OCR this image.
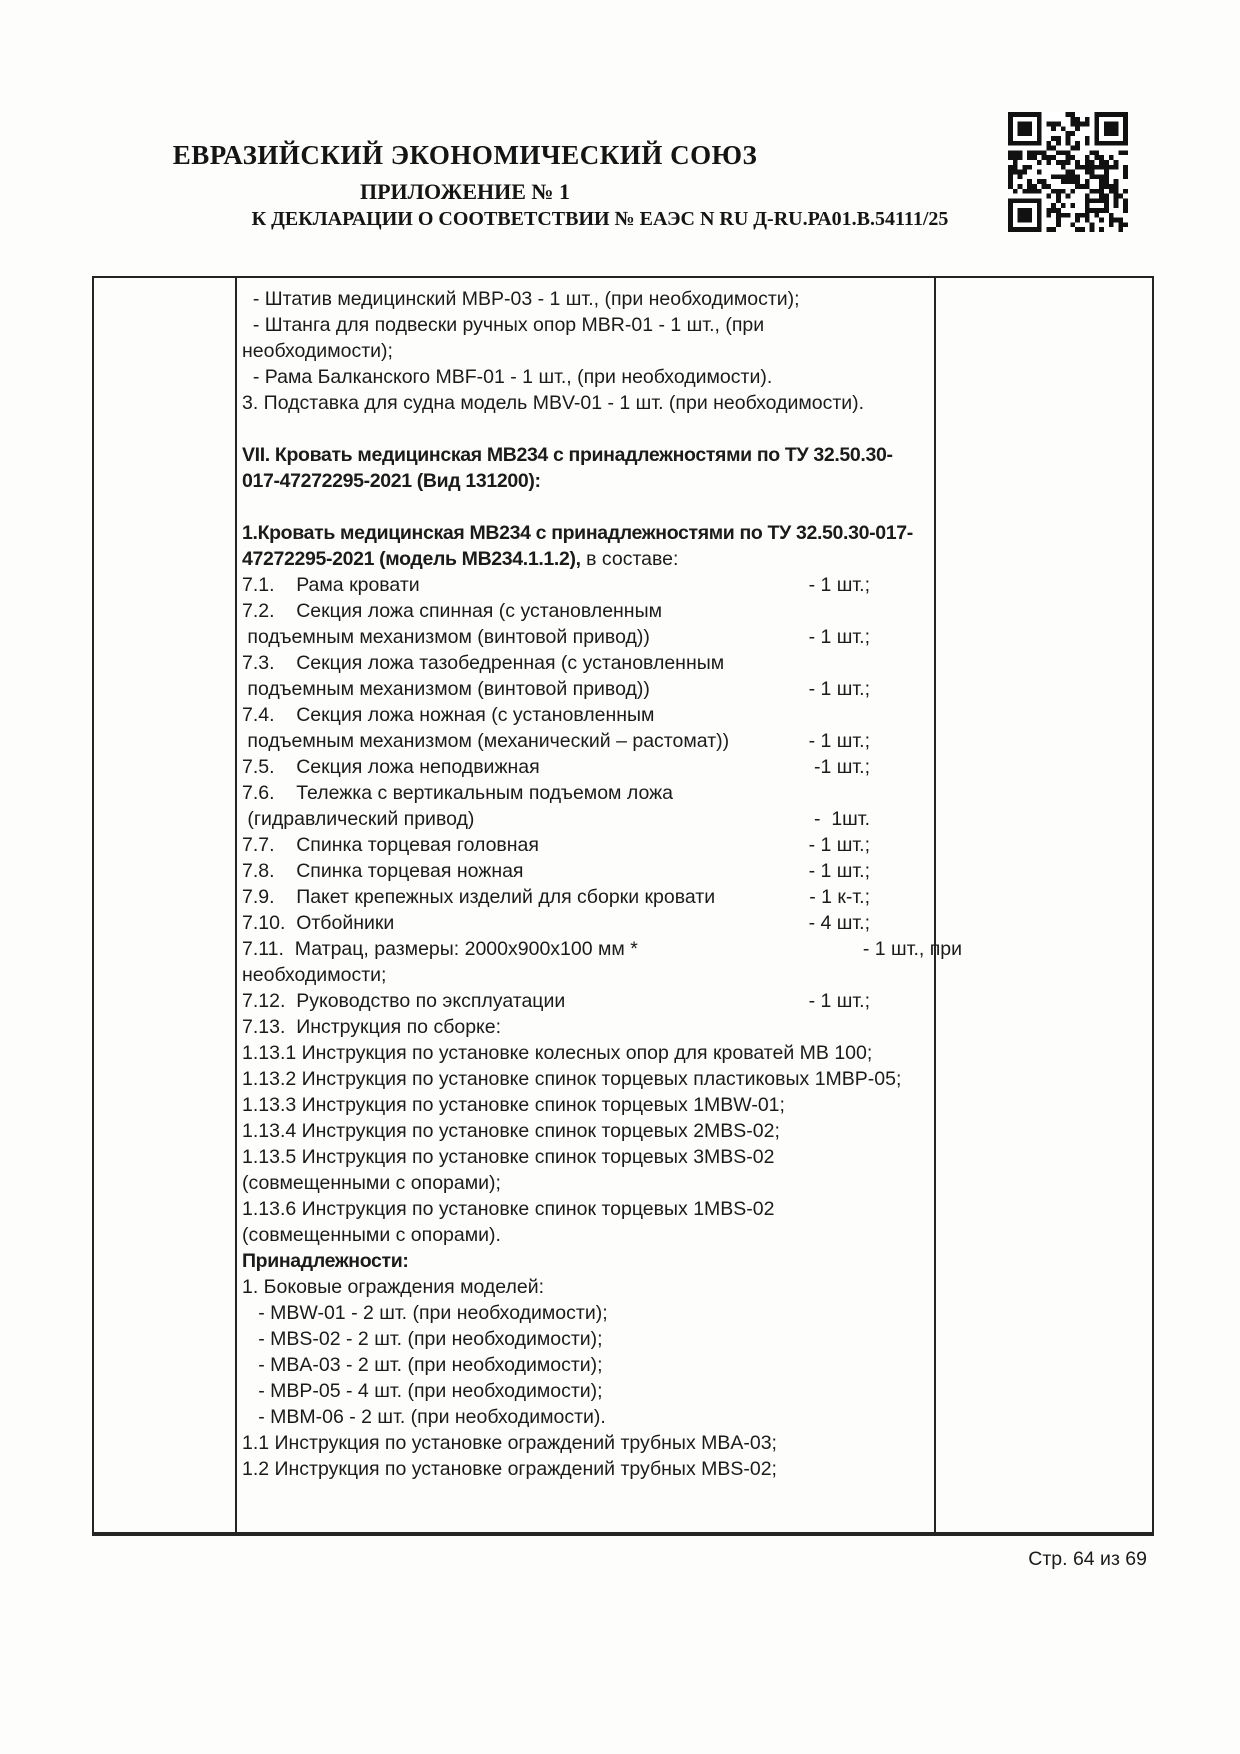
ЕВРАЗИЙСКИЙ ЭКОНОМИЧЕСКИЙ СОЮЗ
ПРИЛОЖЕНИЕ № 1
К ДЕКЛАРАЦИИ О СООТВЕТСТВИИ № ЕАЭС N RU Д-RU.РА01.В.54111/25
- Штатив медицинский МВР-03 - 1 шт., (при необходимости);
- Штанга для подвески ручных опор MBR-01 - 1 шт., (при
необходимости);
- Рама Балканского MBF-01 - 1 шт., (при необходимости).
3. Подставка для судна модель MBV-01 - 1 шт. (при необходимости).
VII. Кровать медицинская МВ234 с принадлежностями по ТУ 32.50.30-
017-47272295-2021 (Вид 131200):
1.Кровать медицинская МВ234 с принадлежностями по ТУ 32.50.30-017-
47272295-2021 (модель МВ234.1.1.2), в составе:
7.1.    Рама кровати	- 1 шт.;
7.2.    Секция ложа спинная (с установленным
подъемным механизмом (винтовой привод))	- 1 шт.;
7.3.    Секция ложа тазобедренная (с установленным
подъемным механизмом (винтовой привод))	- 1 шт.;
7.4.    Секция ложа ножная (с установленным
подъемным механизмом (механический – растомат))	- 1 шт.;
7.5.    Секция ложа неподвижная	-1 шт.;
7.6.    Тележка с вертикальным подъемом ложа
(гидравлический привод)	-  1шт.
7.7.    Спинка торцевая головная	- 1 шт.;
7.8.    Спинка торцевая ножная	- 1 шт.;
7.9.    Пакет крепежных изделий для сборки кровати	- 1 к-т.;
7.10.  Отбойники	- 4 шт.;
7.11.  Матрац, размеры: 2000х900х100 мм *	- 1 шт., при
необходимости;
7.12.  Руководство по эксплуатации	- 1 шт.;
7.13.  Инструкция по сборке:
1.13.1 Инструкция по установке колесных опор для кроватей МВ 100;
1.13.2 Инструкция по установке спинок торцевых пластиковых 1МВР-05;
1.13.3 Инструкция по установке спинок торцевых 1MBW-01;
1.13.4 Инструкция по установке спинок торцевых 2MBS-02;
1.13.5 Инструкция по установке спинок торцевых 3MBS-02
(совмещенными с опорами);
1.13.6 Инструкция по установке спинок торцевых 1MBS-02
(совмещенными с опорами).
Принадлежности:
1. Боковые ограждения моделей:
- MBW-01 - 2 шт. (при необходимости);
- MBS-02 - 2 шт. (при необходимости);
- MBA-03 - 2 шт. (при необходимости);
- MBP-05 - 4 шт. (при необходимости);
- MBM-06 - 2 шт. (при необходимости).
1.1 Инструкция по установке ограждений трубных MBA-03;
1.2 Инструкция по установке ограждений трубных MBS-02;
Стр. 64 из 69
